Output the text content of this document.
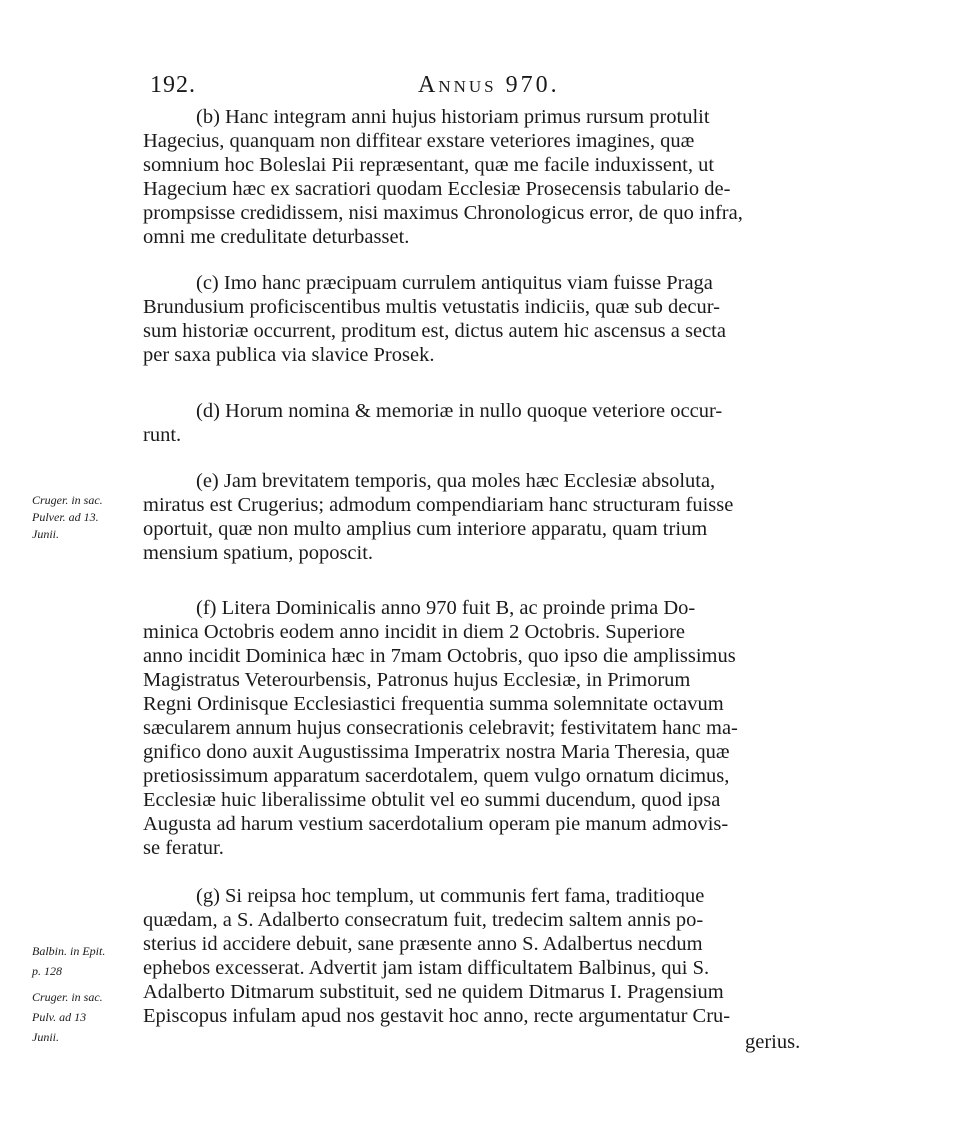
192.	Annus 970.
(b) Hanc integram anni hujus historiam primus rursum protulit
Hagecius, quanquam non diffitear exstare veteriores imagines, quæ
somnium hoc Boleslai Pii repræsentant, quæ me facile induxissent, ut
Hagecium hæc ex sacratiori quodam Ecclesiæ Prosecensis tabulario de-
prompsisse credidissem, nisi maximus Chronologicus error, de quo infra,
omni me credulitate deturbasset.
(c) Imo hanc præcipuam currulem antiquitus viam fuisse Praga
Brundusium proficiscentibus multis vetustatis indiciis, quæ sub decur-
sum historiæ occurrent, proditum est, dictus autem hic ascensus a secta
per saxa publica via slavice Prosek.
(d) Horum nomina & memoriæ in nullo quoque veteriore occur-
runt.
(e) Jam brevitatem temporis, qua moles hæc Ecclesiæ absoluta,
miratus est Crugerius; admodum compendiariam hanc structuram fuisse
oportuit, quæ non multo amplius cum interiore apparatu, quam trium
mensium spatium, poposcit.
(f) Litera Dominicalis anno 970 fuit B, ac proinde prima Do-
minica Octobris eodem anno incidit in diem 2 Octobris. Superiore
anno incidit Dominica hæc in 7mam Octobris, quo ipso die amplissimus
Magistratus Veterourbensis, Patronus hujus Ecclesiæ, in Primorum
Regni Ordinisque Ecclesiastici frequentia summa solemnitate octavum
sæcularem annum hujus consecrationis celebravit; festivitatem hanc ma-
gnifico dono auxit Augustissima Imperatrix nostra Maria Theresia, quæ
pretiosissimum apparatum sacerdotalem, quem vulgo ornatum dicimus,
Ecclesiæ huic liberalissime obtulit vel eo summi ducendum, quod ipsa
Augusta ad harum vestium sacerdotalium operam pie manum admovis-
se feratur.
(g) Si reipsa hoc templum, ut communis fert fama, traditioque
quædam, a S. Adalberto consecratum fuit, tredecim saltem annis po-
sterius id accidere debuit, sane præsente anno S. Adalbertus necdum
ephebos excesserat. Advertit jam istam difficultatem Balbinus, qui S.
Adalberto Ditmarum substituit, sed ne quidem Ditmarus I. Pragensium
Episcopus infulam apud nos gestavit hoc anno, recte argumentatur Cru-
gerius.
Cruger. in sac.
Pulver. ad 13.
Junii.
Balbin. in Epit.
p. 128
Cruger. in sac.
Pulv. ad 13
Junii.
